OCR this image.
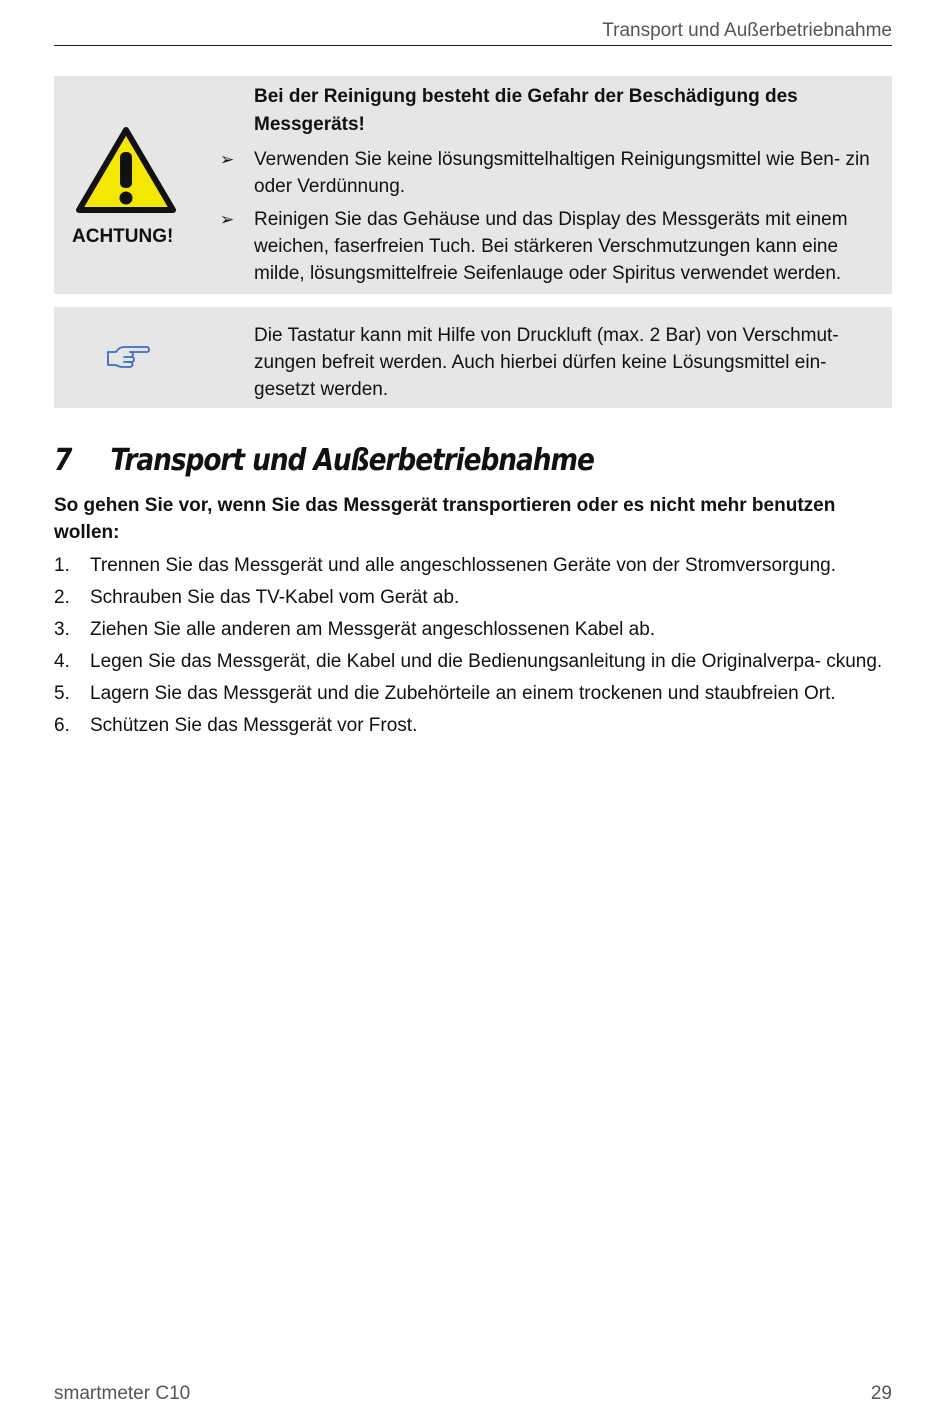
Transport und Außerbetriebnahme
ACHTUNG!
Bei der Reinigung besteht die Gefahr der Beschädigung des Messgeräts!
➢	Verwenden Sie keine lösungsmittelhaltigen Reinigungsmittel wie Ben- zin oder Verdünnung.
➢	Reinigen Sie das Gehäuse und das Display des Messgeräts mit einem weichen, faserfreien Tuch. Bei stärkeren Verschmutzungen kann eine milde, lösungsmittelfreie Seifenlauge oder Spiritus verwendet werden.
Die Tastatur kann mit Hilfe von Druckluft (max. 2 Bar) von Verschmut- zungen befreit werden. Auch hierbei dürfen keine Lösungsmittel ein- gesetzt werden.
7 Transport und Außerbetriebnahme

So gehen Sie vor, wenn Sie das Messgerät transportieren oder es nicht mehr benutzen wollen:

1. Trennen Sie das Messgerät und alle angeschlossenen Geräte von der Stromversorgung.
2. Schrauben Sie das TV-Kabel vom Gerät ab.
3. Ziehen Sie alle anderen am Messgerät angeschlossenen Kabel ab.
4. Legen Sie das Messgerät, die Kabel und die Bedienungsanleitung in die Originalverpa- ckung.
5. Lagern Sie das Messgerät und die Zubehörteile an einem trockenen und staubfreien Ort.
6. Schützen Sie das Messgerät vor Frost.
smartmeter C10	29
